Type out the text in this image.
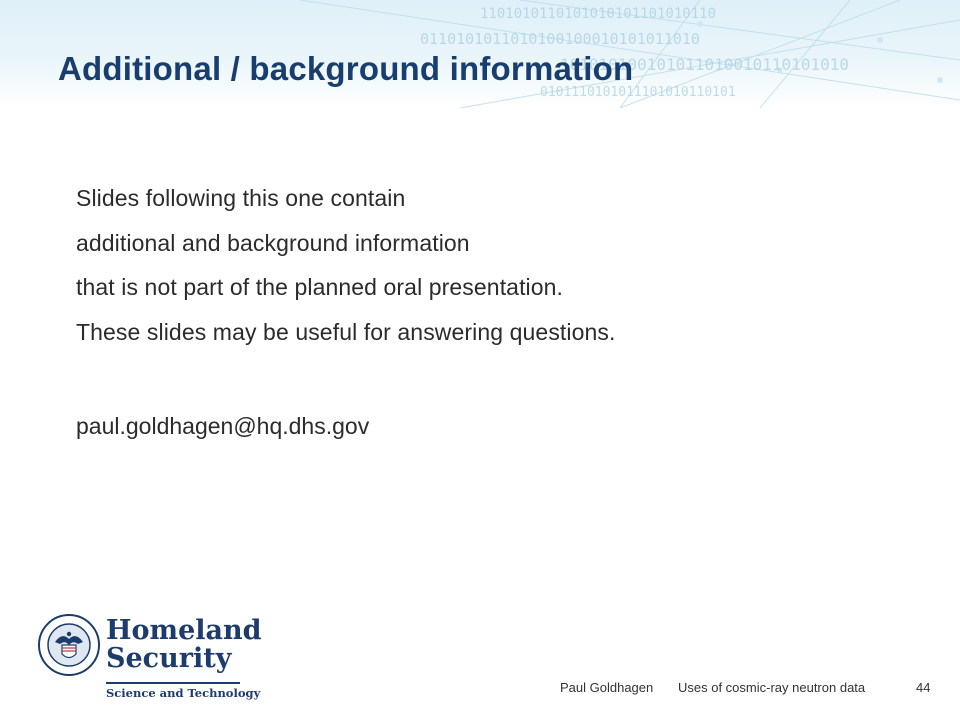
1101010110101010101101010110
0110101011010100100010101011010
101010100101011010010110101010
0101110101011101010110101
Additional / background information
Slides following this one contain
additional and background information
that is not part of the planned oral presentation.
These slides may be useful for answering questions.
paul.goldhagen@hq.dhs.gov
Homeland
Security
Science and Technology	Paul Goldhagen Uses of cosmic-ray neutron data	44
